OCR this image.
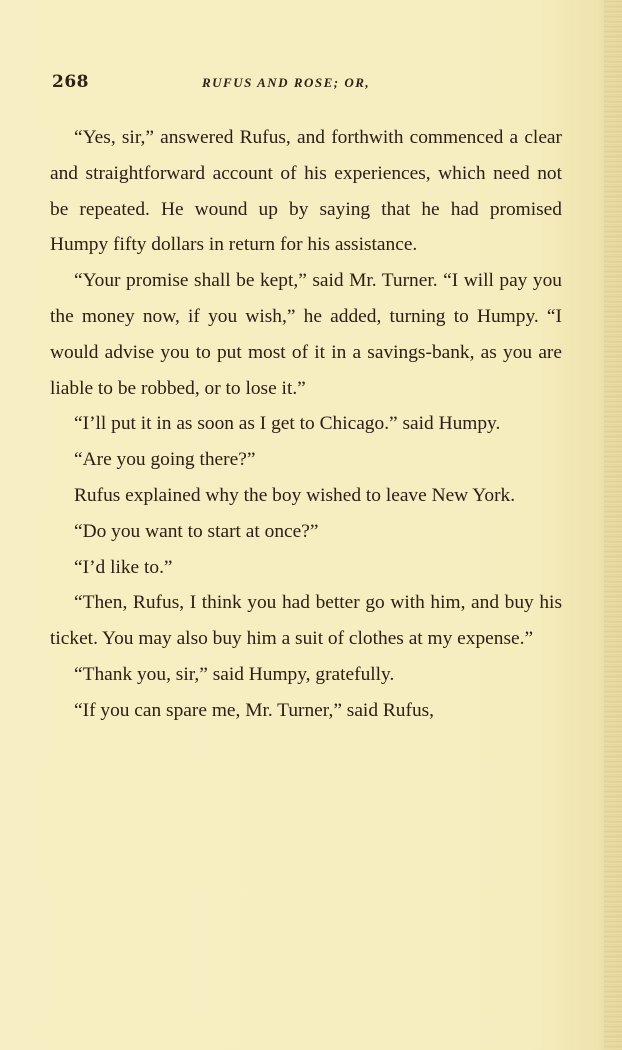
268	RUFUS AND ROSE; OR,

“Yes, sir,” answered Rufus, and forthwith commenced a clear and straightforward account of his experiences, which need not be repeated. He wound up by saying that he had promised Humpy fifty dollars in return for his assistance.

“Your promise shall be kept,” said Mr. Turner. “I will pay you the money now, if you wish,” he added, turning to Humpy. “I would advise you to put most of it in a savings-bank, as you are liable to be robbed, or to lose it.”

“I’ll put it in as soon as I get to Chicago.” said Humpy.

“Are you going there?”

Rufus explained why the boy wished to leave New York.

“Do you want to start at once?”

“I’d like to.”

“Then, Rufus, I think you had better go with him, and buy his ticket. You may also buy him a suit of clothes at my expense.”

“Thank you, sir,” said Humpy, gratefully.

“If you can spare me, Mr. Turner,” said Rufus,
